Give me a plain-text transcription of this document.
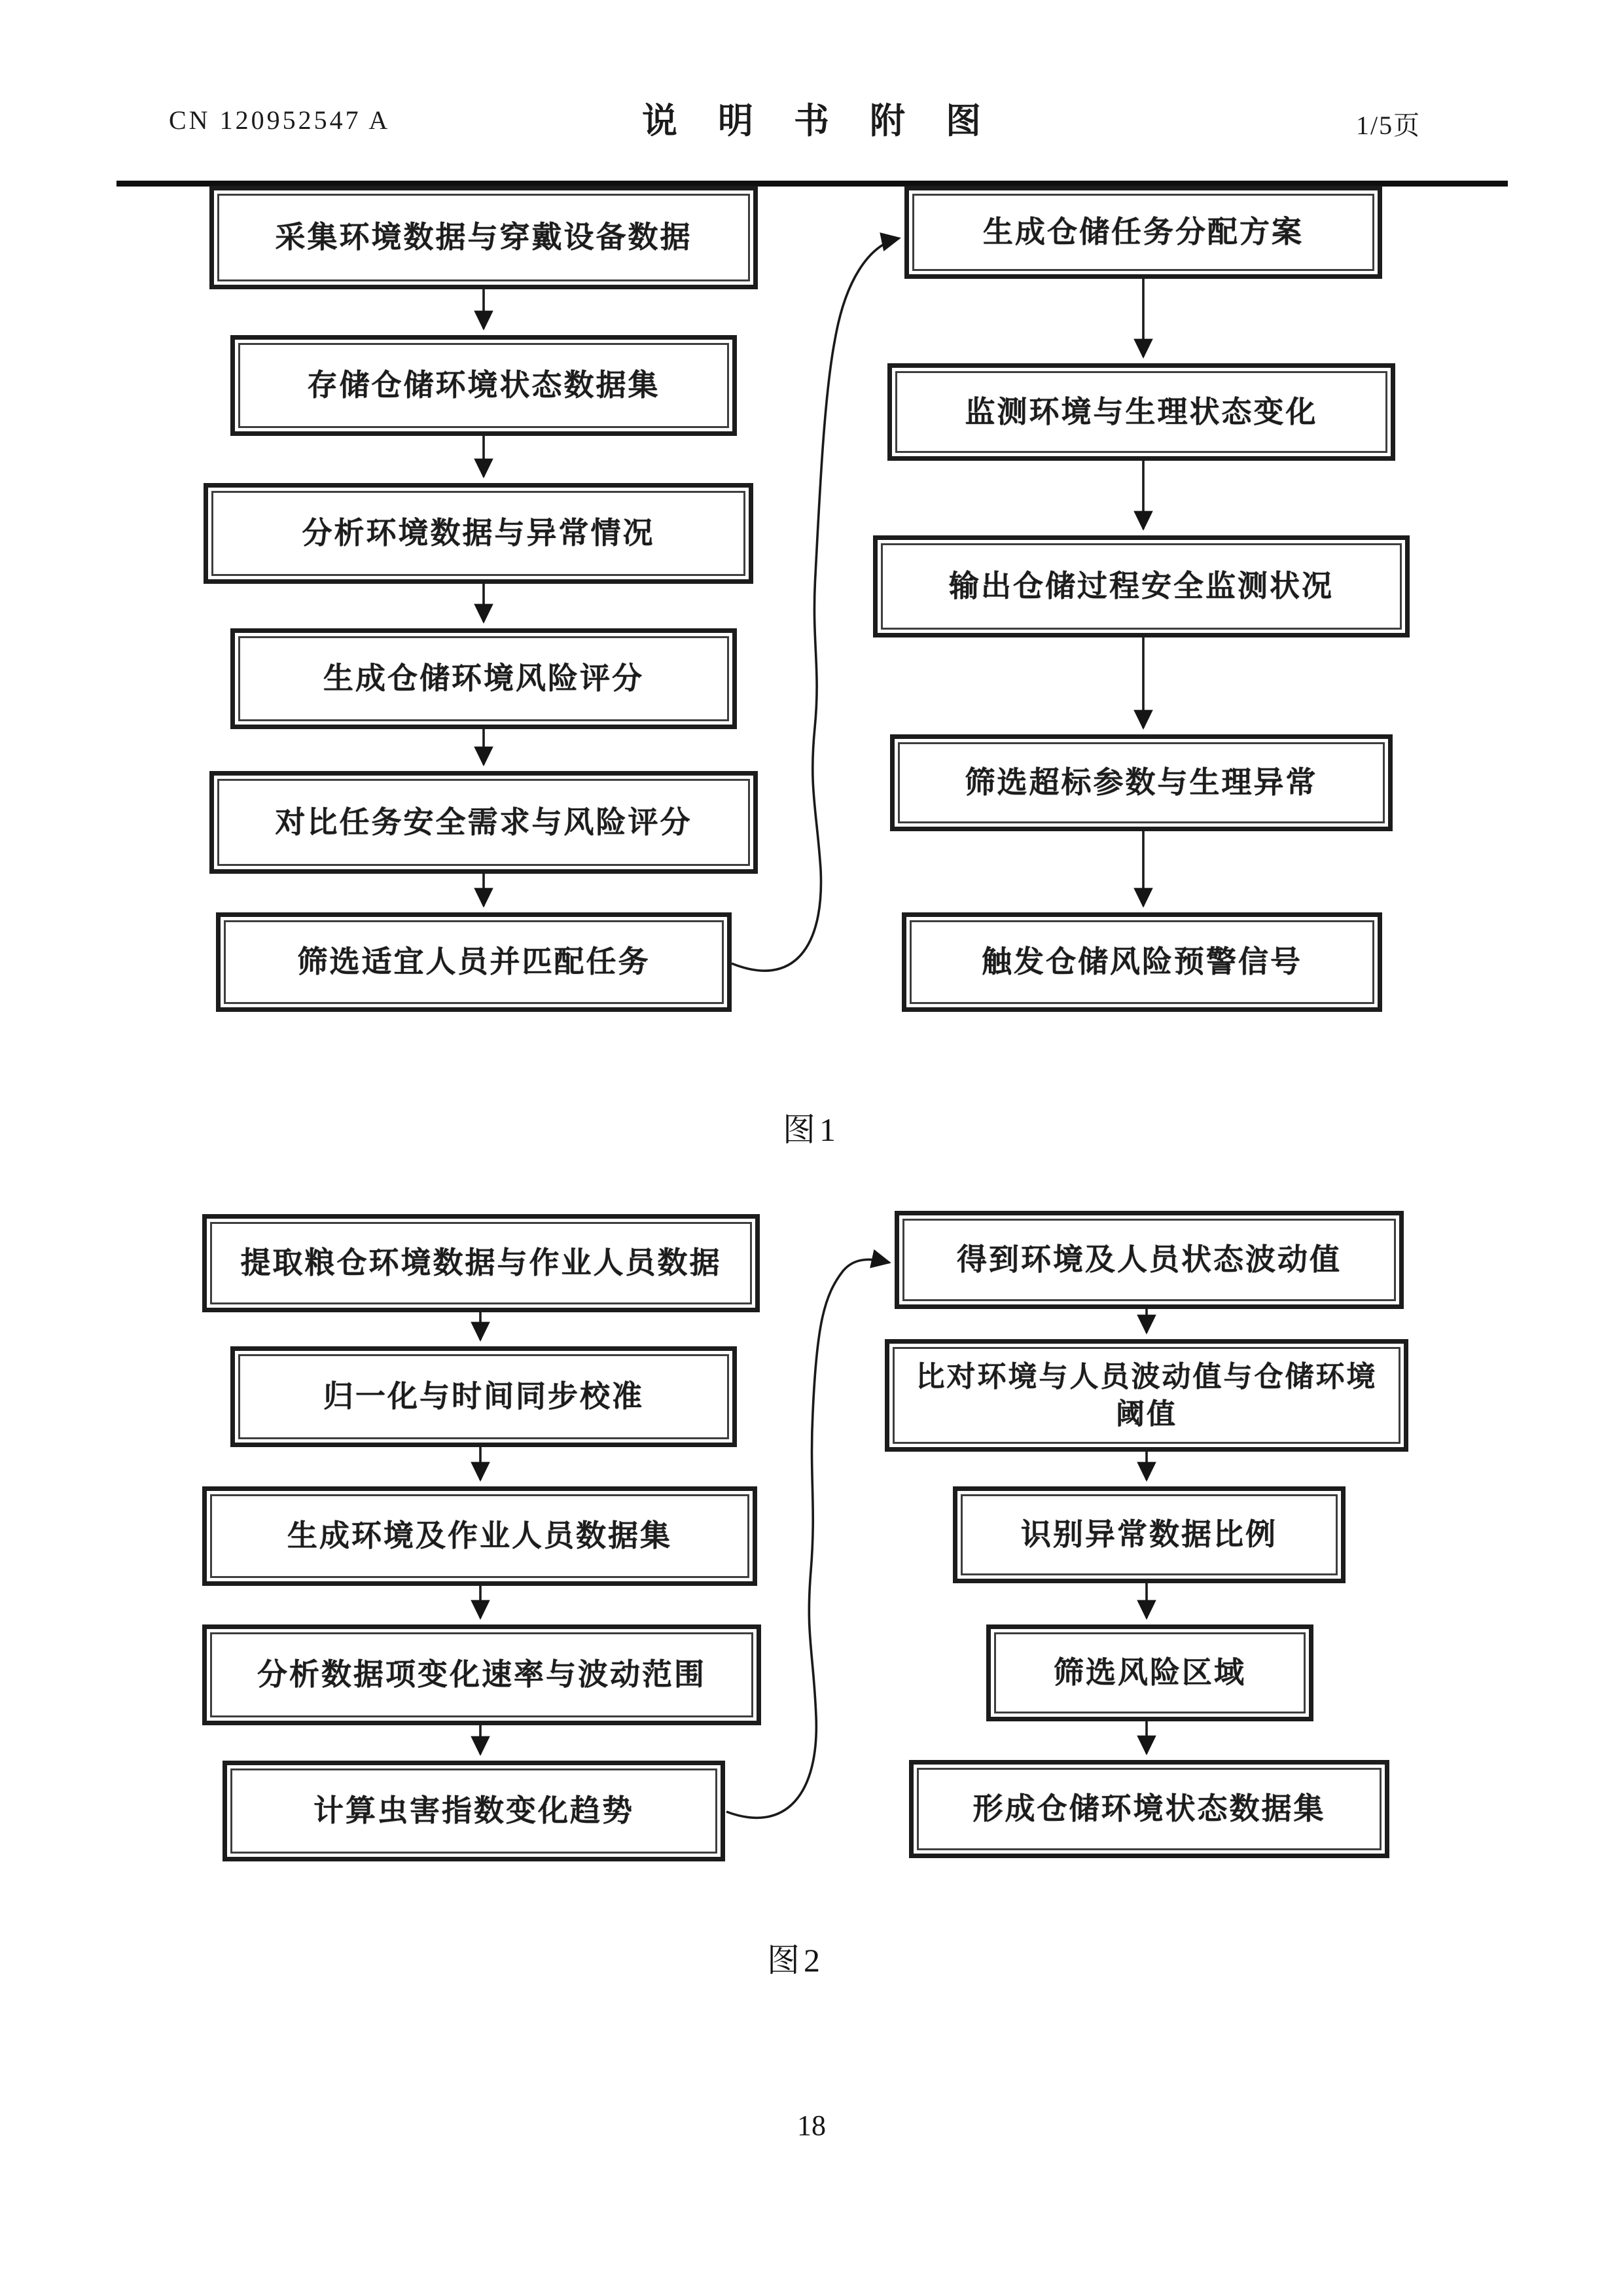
CN 120952547 A	说明书附图	1/5页
采集环境数据与穿戴设备数据
存储仓储环境状态数据集
分析环境数据与异常情况
生成仓储环境风险评分
对比任务安全需求与风险评分
筛选适宜人员并匹配任务
生成仓储任务分配方案
监测环境与生理状态变化
输出仓储过程安全监测状况
筛选超标参数与生理异常
触发仓储风险预警信号
图1
提取粮仓环境数据与作业人员数据
归一化与时间同步校准
生成环境及作业人员数据集
分析数据项变化速率与波动范围
计算虫害指数变化趋势
得到环境及人员状态波动值
比对环境与人员波动值与仓储环境
阈值
识别异常数据比例
筛选风险区域
形成仓储环境状态数据集
图2
18
